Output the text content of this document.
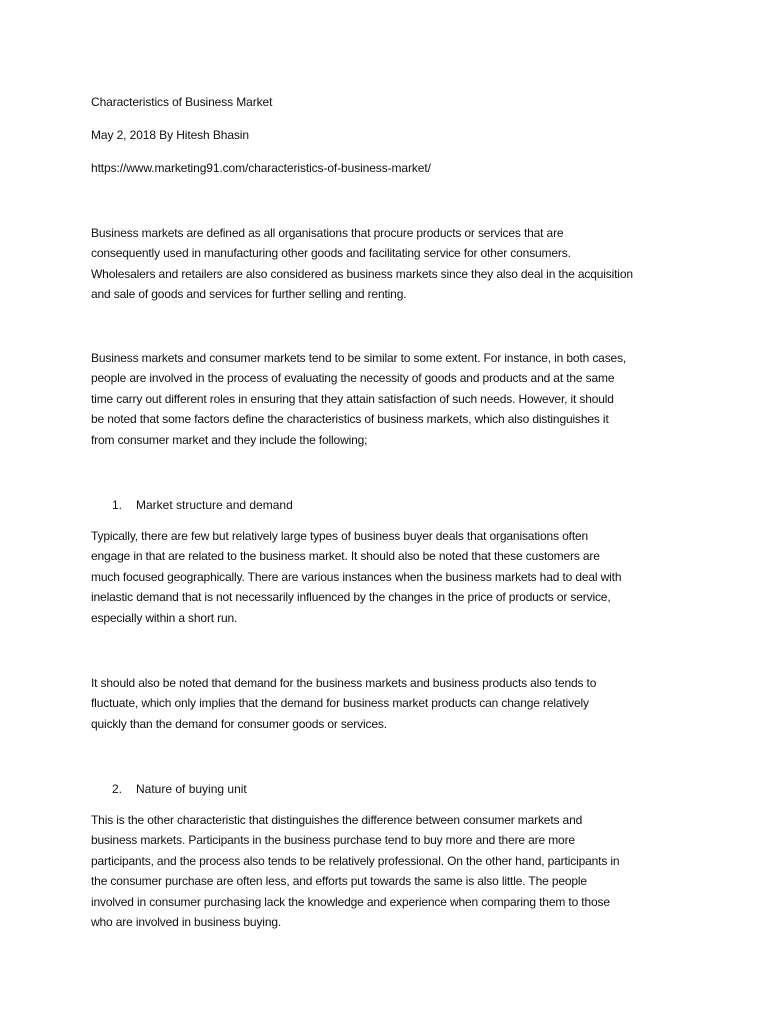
Characteristics of Business Market
May 2, 2018 By Hitesh Bhasin
https://www.marketing91.com/characteristics-of-business-market/
Business markets are defined as all organisations that procure products or services that are
consequently used in manufacturing other goods and facilitating service for other consumers.
Wholesalers and retailers are also considered as business markets since they also deal in the acquisition
and sale of goods and services for further selling and renting.
Business markets and consumer markets tend to be similar to some extent. For instance, in both cases,
people are involved in the process of evaluating the necessity of goods and products and at the same
time carry out different roles in ensuring that they attain satisfaction of such needs. However, it should
be noted that some factors define the characteristics of business markets, which also distinguishes it
from consumer market and they include the following;
1. Market structure and demand
Typically, there are few but relatively large types of business buyer deals that organisations often
engage in that are related to the business market. It should also be noted that these customers are
much focused geographically. There are various instances when the business markets had to deal with
inelastic demand that is not necessarily influenced by the changes in the price of products or service,
especially within a short run.
It should also be noted that demand for the business markets and business products also tends to
fluctuate, which only implies that the demand for business market products can change relatively
quickly than the demand for consumer goods or services.
2. Nature of buying unit
This is the other characteristic that distinguishes the difference between consumer markets and
business markets. Participants in the business purchase tend to buy more and there are more
participants, and the process also tends to be relatively professional. On the other hand, participants in
the consumer purchase are often less, and efforts put towards the same is also little. The people
involved in consumer purchasing lack the knowledge and experience when comparing them to those
who are involved in business buying.
